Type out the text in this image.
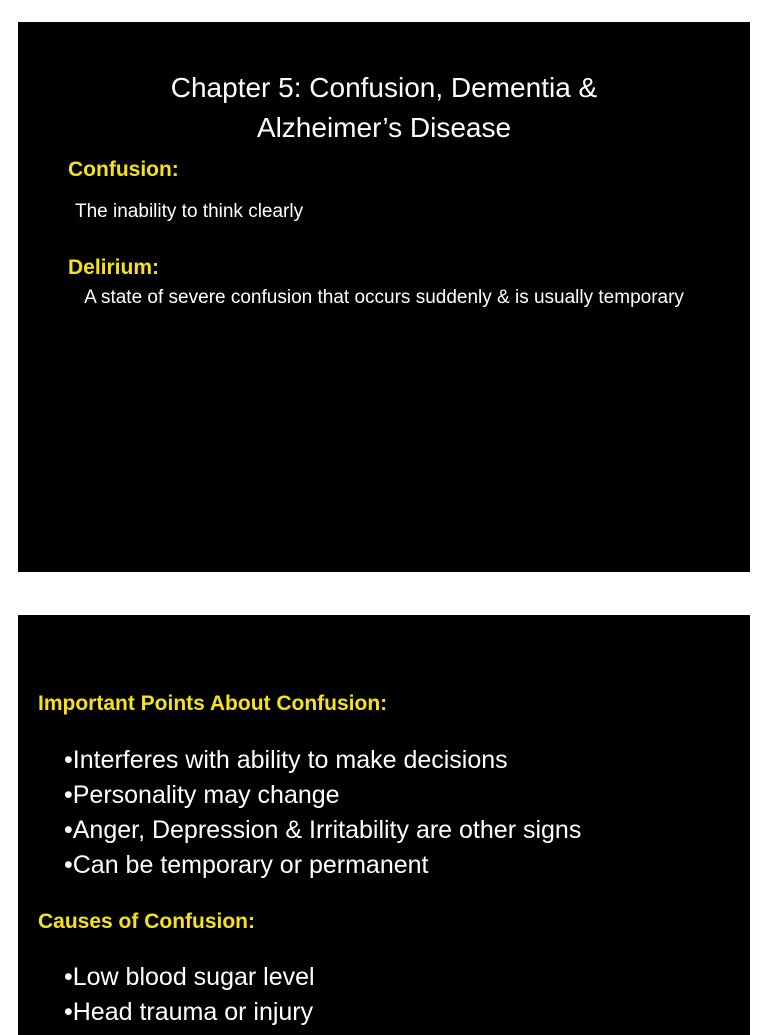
Chapter 5: Confusion, Dementia &
Alzheimer’s Disease

Confusion:

The inability to think clearly

Delirium:

A state of severe confusion that occurs suddenly & is usually temporary

Important Points About Confusion:

•Interferes with ability to make decisions
•Personality may change
•Anger, Depression & Irritability are other signs
•Can be temporary or permanent

Causes of Confusion:

•Low blood sugar level
•Head trauma or injury
